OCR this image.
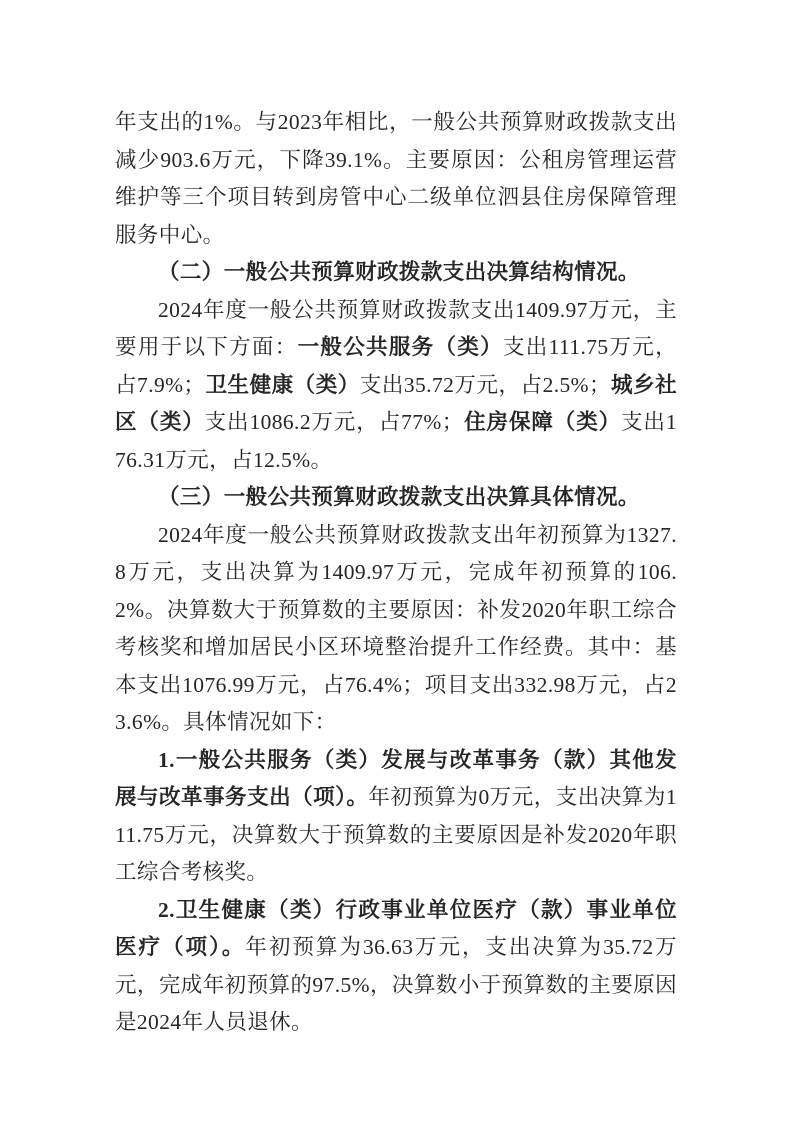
年支出的1%。与2023年相比，一般公共预算财政拨款支出减少903.6万元，下降39.1%。主要原因：公租房管理运营维护等三个项目转到房管中心二级单位泗县住房保障管理服务中心。

（二）一般公共预算财政拨款支出决算结构情况。

2024年度一般公共预算财政拨款支出1409.97万元，主要用于以下方面：一般公共服务（类）支出111.75万元，占7.9%；卫生健康（类）支出35.72万元，占2.5%；城乡社区（类）支出1086.2万元，占77%；住房保障（类）支出176.31万元，占12.5%。

（三）一般公共预算财政拨款支出决算具体情况。

2024年度一般公共预算财政拨款支出年初预算为1327.8万元，支出决算为1409.97万元，完成年初预算的106.2%。决算数大于预算数的主要原因：补发2020年职工综合考核奖和增加居民小区环境整治提升工作经费。其中：基本支出1076.99万元，占76.4%；项目支出332.98万元，占23.6%。具体情况如下：

1.一般公共服务（类）发展与改革事务（款）其他发展与改革事务支出（项）。年初预算为0万元，支出决算为111.75万元，决算数大于预算数的主要原因是补发2020年职工综合考核奖。

2.卫生健康（类）行政事业单位医疗（款）事业单位医疗（项）。年初预算为36.63万元，支出决算为35.72万元，完成年初预算的97.5%，决算数小于预算数的主要原因是2024年人员退休。
